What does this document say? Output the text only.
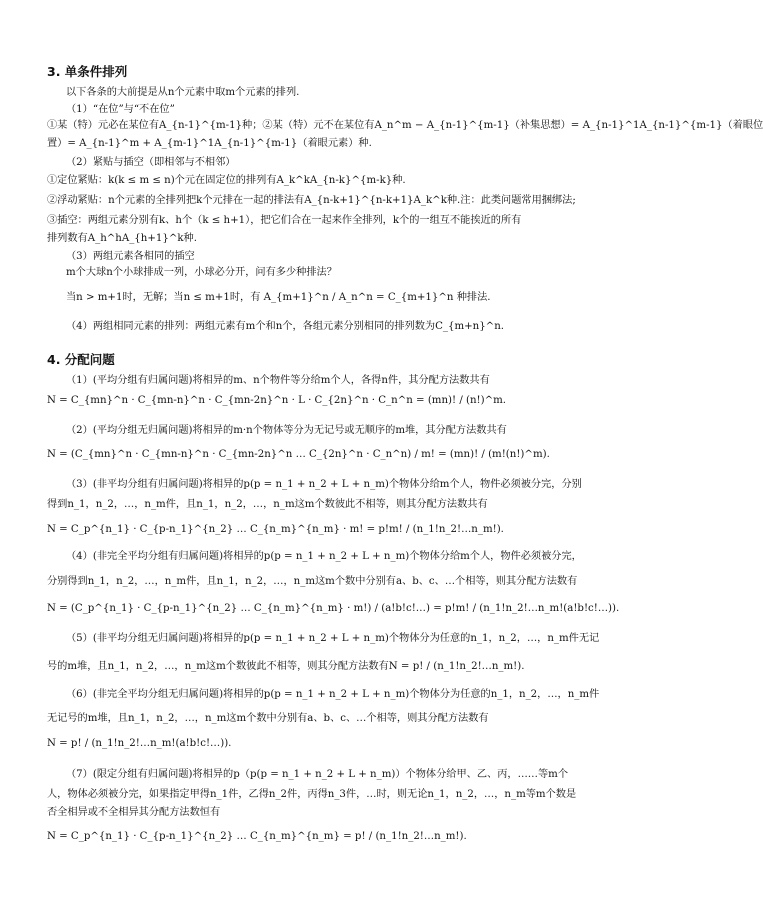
3. 单条件排列
以下各条的大前提是从n个元素中取m个元素的排列.
（1）“在位”与“不在位”
①某（特）元必在某位有A_{n-1}^{m-1}种；②某（特）元不在某位有A_n^m − A_{n-1}^{m-1}（补集思想）= A_{n-1}^1A_{n-1}^{m-1}（着眼位
置）= A_{n-1}^m + A_{m-1}^1A_{n-1}^{m-1}（着眼元素）种.
（2）紧贴与插空（即相邻与不相邻）
①定位紧贴：k(k ≤ m ≤ n)个元在固定位的排列有A_k^kA_{n-k}^{m-k}种.
②浮动紧贴：n个元素的全排列把k个元排在一起的排法有A_{n-k+1}^{n-k+1}A_k^k种.注：此类问题常用捆绑法;
③插空：两组元素分别有k、h个（k ≤ h+1），把它们合在一起来作全排列，k个的一组互不能挨近的所有
排列数有A_h^hA_{h+1}^k种.
（3）两组元素各相同的插空
m个大球n个小球排成一列，小球必分开，问有多少种排法？
当n > m+1时，无解；当n ≤ m+1时，有 A_{m+1}^n / A_n^n = C_{m+1}^n 种排法.
（4）两组相同元素的排列：两组元素有m个和n个，各组元素分别相同的排列数为C_{m+n}^n.
4. 分配问题
（1）(平均分组有归属问题)将相异的m、n个物件等分给m个人，各得n件，其分配方法数共有
N = C_{mn}^n · C_{mn-n}^n · C_{mn-2n}^n · L · C_{2n}^n · C_n^n = (mn)! / (n!)^m.
（2）(平均分组无归属问题)将相异的m·n个物体等分为无记号或无顺序的m堆，其分配方法数共有
N = (C_{mn}^n · C_{mn-n}^n · C_{mn-2n}^n … C_{2n}^n · C_n^n) / m! = (mn)! / (m!(n!)^m).
（3）(非平均分组有归属问题)将相异的p(p = n_1 + n_2 + L + n_m)个物体分给m个人，物件必须被分完，分别
得到n_1，n_2，…，n_m件，且n_1，n_2，…，n_m这m个数彼此不相等，则其分配方法数共有
N = C_p^{n_1} · C_{p-n_1}^{n_2} … C_{n_m}^{n_m} · m! = p!m! / (n_1!n_2!…n_m!).
（4）(非完全平均分组有归属问题)将相异的p(p = n_1 + n_2 + L + n_m)个物体分给m个人，物件必须被分完，
分别得到n_1，n_2，…，n_m件，且n_1，n_2，…，n_m这m个数中分别有a、b、c、…个相等，则其分配方法数有
N = (C_p^{n_1} · C_{p-n_1}^{n_2} … C_{n_m}^{n_m} · m!) / (a!b!c!…) = p!m! / (n_1!n_2!…n_m!(a!b!c!…)).
（5）(非平均分组无归属问题)将相异的p(p = n_1 + n_2 + L + n_m)个物体分为任意的n_1，n_2，…，n_m件无记
号的m堆，且n_1，n_2，…，n_m这m个数彼此不相等，则其分配方法数有N = p! / (n_1!n_2!…n_m!).
（6）(非完全平均分组无归属问题)将相异的p(p = n_1 + n_2 + L + n_m)个物体分为任意的n_1，n_2，…，n_m件
无记号的m堆，且n_1，n_2，…，n_m这m个数中分别有a、b、c、…个相等，则其分配方法数有
N = p! / (n_1!n_2!…n_m!(a!b!c!…)).
（7）(限定分组有归属问题)将相异的p（p(p = n_1 + n_2 + L + n_m)）个物体分给甲、乙、丙，……等m个
人，物体必须被分完，如果指定甲得n_1件，乙得n_2件，丙得n_3件，…时，则无论n_1，n_2，…，n_m等m个数是
否全相异或不全相异其分配方法数恒有
N = C_p^{n_1} · C_{p-n_1}^{n_2} … C_{n_m}^{n_m} = p! / (n_1!n_2!…n_m!).
